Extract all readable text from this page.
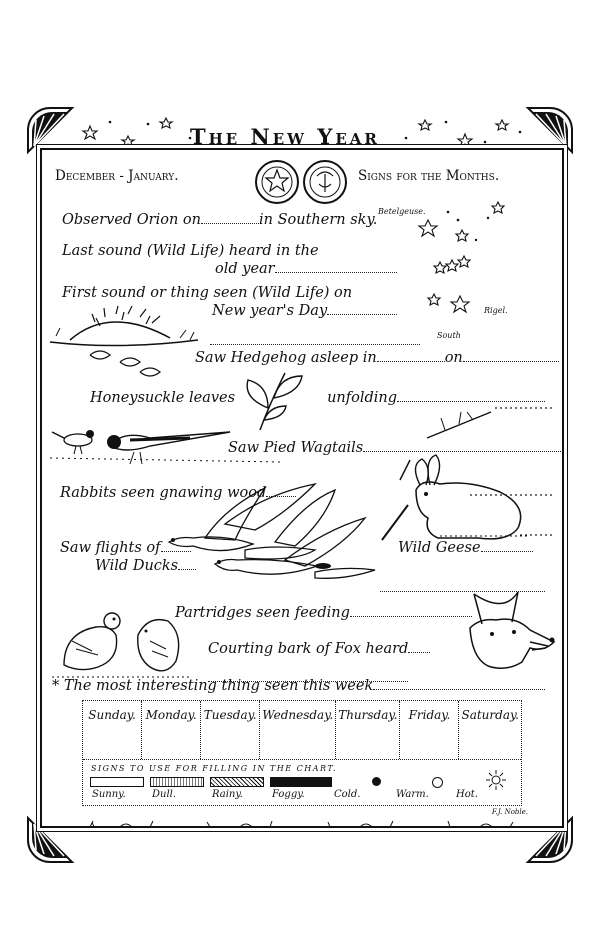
The New Year
December - January.	Signs for the Months.
Betelgeuse.
Rigel.
South
Observed Orion on	in Southern sky.
Last sound (Wild Life) heard in the
old year
First sound or thing seen (Wild Life) on
New year's Day
Saw Hedgehog asleep in	on
Honeysuckle leaves	unfolding
Saw Pied Wagtails
Rabbits seen gnawing wood
Saw flights of	Wild Geese
Wild Ducks
Partridges seen feeding
Courting bark of Fox heard
* The most interesting thing seen this week
Sunday. Monday. Tuesday. Wednesday. Thursday. Friday. Saturday.
SIGNS TO USE FOR FILLING IN THE CHART.
Sunny.	Dull.	Rainy.	Foggy.	Cold.	Warm.	Hot.
F.J. Noble.
